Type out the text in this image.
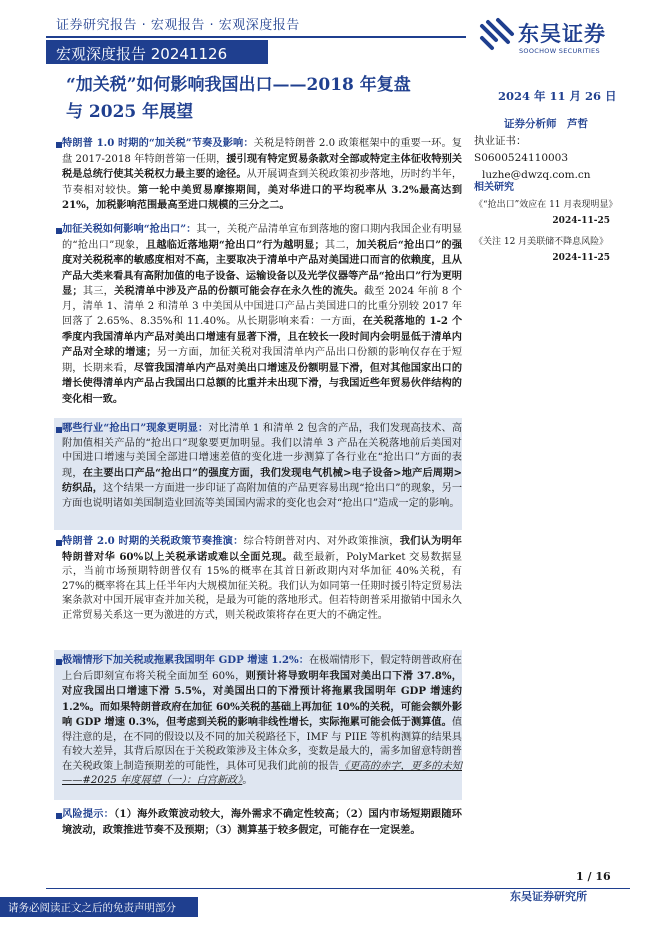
证券研究报告 · 宏观报告 · 宏观深度报告
宏观深度报告 20241126
东吴证券
SOOCHOW SECURITIES
“加关税”如何影响我国出口——2018 年复盘与 2025 年展望
2024 年 11 月 26 日
证券分析师　芦哲
执业证书：S0600524110003
luzhe@dwzq.com.cn
相关研究
《“抢出口”效应在 11 月表现明显》
2024-11-25
《关注 12 月美联储不降息风险》
2024-11-25
特朗普 1.0 时期的“加关税”节奏及影响：关税是特朗普 2.0 政策框架中的重要一环。复盘 2017-2018 年特朗普第一任期，援引现有特定贸易条款对全部或特定主体征收特别关税是总统行使其关税权力最主要的途径。从开展调查到关税政策初步落地，历时约半年，节奏相对较快。第一轮中美贸易摩擦期间，美对华进口的平均税率从 3.2%最高达到 21%，加税影响范围最高至进口规模的三分之二。
加征关税如何影响“抢出口”：其一，关税产品清单宣布到落地的窗口期内我国企业有明显的“抢出口”现象，且越临近落地期“抢出口”行为越明显；其二，加关税后“抢出口”的强度对关税税率的敏感度相对不高，主要取决于清单中产品对美国进口而言的依赖度，且从产品大类来看具有高附加值的电子设备、运输设备以及光学仪器等产品“抢出口”行为更明显；其三，关税清单中涉及产品的份额可能会存在永久性的流失。截至 2024 年前 8 个月，清单 1、清单 2 和清单 3 中美国从中国进口产品占美国进口的比重分别较 2017 年回落了 2.65%、8.35%和 11.40%。从长期影响来看：一方面，在关税落地的 1-2 个季度内我国清单内产品对美出口增速有显著下滑，且在较长一段时间内会明显低于清单内产品对全球的增速；另一方面，加征关税对我国清单内产品出口份额的影响仅存在于短期，长期来看，尽管我国清单内产品对美出口增速及份额明显下滑，但对其他国家出口的增长使得清单内产品占我国出口总额的比重并未出现下滑，与我国近些年贸易伙伴结构的变化相一致。
哪些行业“抢出口”现象更明显：对比清单 1 和清单 2 包含的产品，我们发现高技术、高附加值相关产品的“抢出口”现象要更加明显。我们以清单 3 产品在关税落地前后美国对中国进口增速与美国全部进口增速差值的变化进一步测算了各行业在“抢出口”方面的表现，在主要出口产品“抢出口”的强度方面，我们发现电气机械>电子设备>地产后周期>纺织品，这个结果一方面进一步印证了高附加值的产品更容易出现“抢出口”的现象，另一方面也说明诸如美国制造业回流等美国国内需求的变化也会对“抢出口”造成一定的影响。
特朗普 2.0 时期的关税政策节奏推演：综合特朗普对内、对外政策推演，我们认为明年特朗普对华 60%以上关税承诺或难以全面兑现。截至最新，PolyMarket 交易数据显示，当前市场预期特朗普仅有 15%的概率在其首日新政期内对华加征 40%关税，有 27%的概率将在其上任半年内大规模加征关税。我们认为如同第一任期时援引特定贸易法案条款对中国开展审查并加关税，是最为可能的落地形式。但若特朗普采用撤销中国永久正常贸易关系这一更为激进的方式，则关税政策将存在更大的不确定性。
极端情形下加关税或拖累我国明年 GDP 增速 1.2%：在极端情形下，假定特朗普政府在上台后即刻宣布将关税全面加至 60%，则预计将导致明年我国对美出口下滑 37.8%，对应我国出口增速下滑 5.5%，对美国出口的下滑预计将拖累我国明年 GDP 增速约 1.2%。而如果特朗普政府在加征 60%关税的基础上再加征 10%的关税，可能会额外影响 GDP 增速 0.3%，但考虑到关税的影响非线性增长，实际拖累可能会低于测算值。值得注意的是，在不同的假设以及不同的加关税路径下，IMF 与 PIIE 等机构测算的结果具有较大差异，其背后原因在于关税政策涉及主体众多，变数是最大的，需多加留意特朗普在关税政策上制造预期差的可能性，具体可见我们此前的报告《更高的赤字，更多的未知——#2025 年度展望（一）：白宫新政》。
风险提示：（1）海外政策波动较大，海外需求不确定性较高；（2）国内市场短期跟随环境波动，政策推进节奏不及预期；（3）测算基于较多假定，可能存在一定误差。
1 / 16
请务必阅读正文之后的免责声明部分
东吴证券研究所
